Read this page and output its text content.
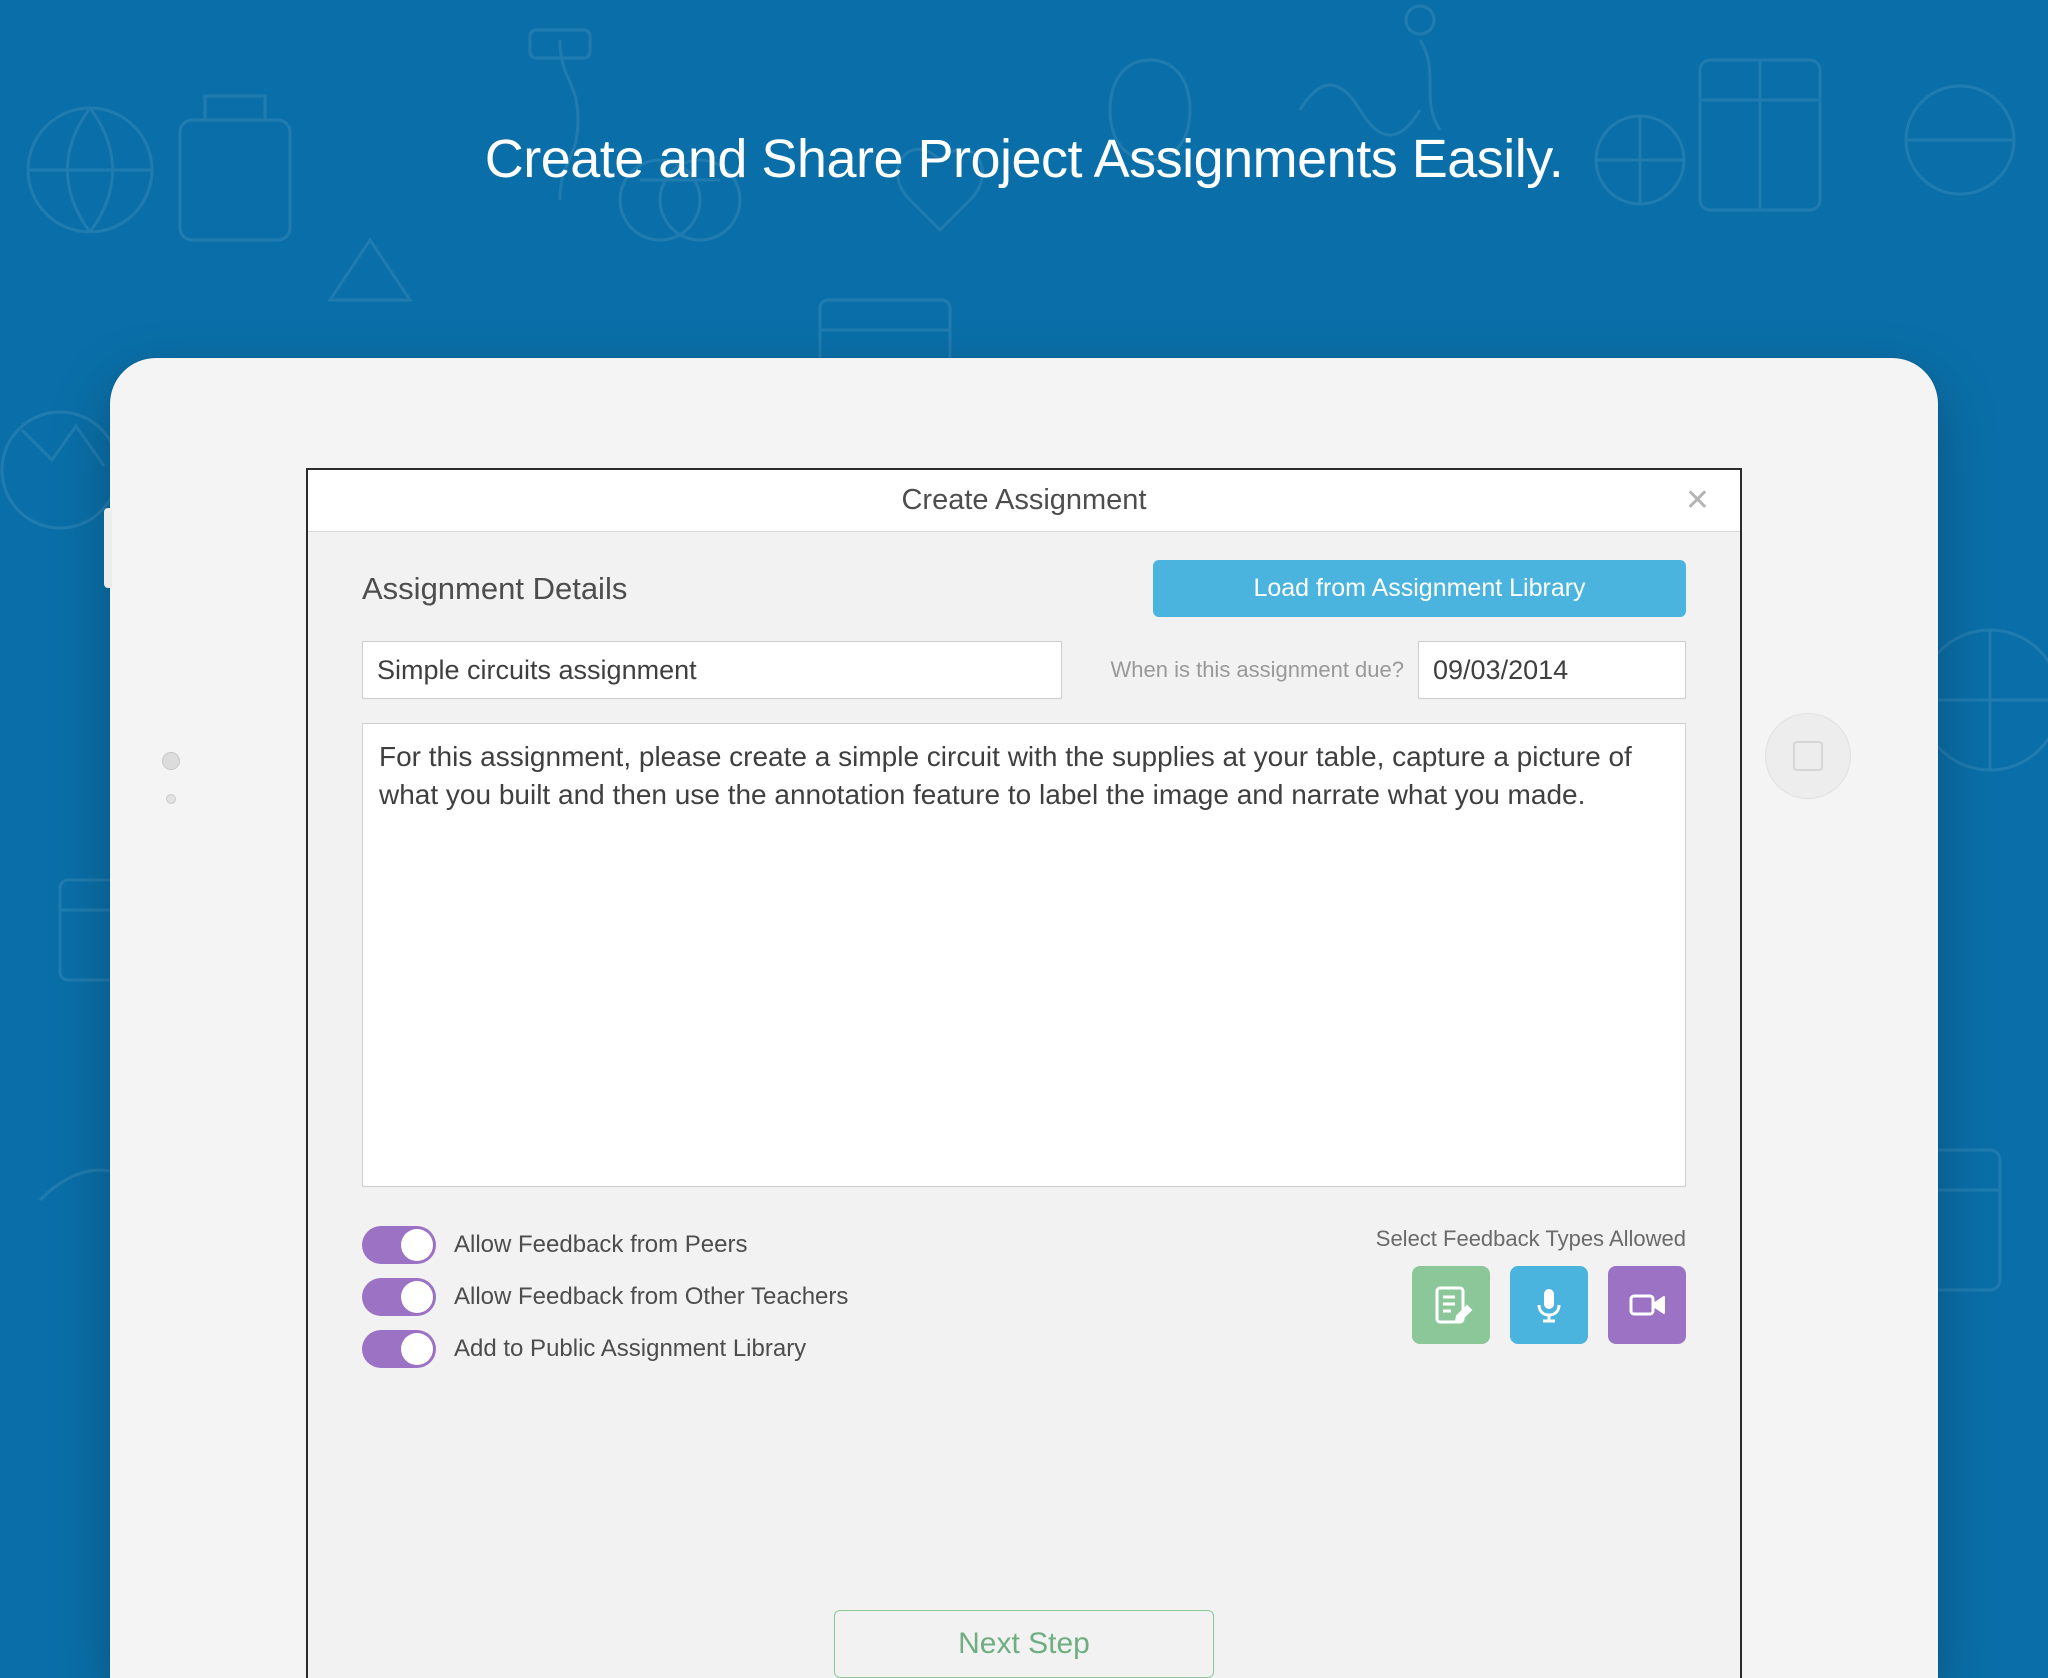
Create and Share Project Assignments Easily.
Create Assignment	✕
Assignment Details	Load from Assignment Library
Simple circuits assignment
When is this assignment due?
09/03/2014
For this assignment, please create a simple circuit with the supplies at your table, capture a picture of what you built and then use the annotation feature to label the image and narrate what you made.
Allow Feedback from Peers
Allow Feedback from Other Teachers
Add to Public Assignment Library
Select Feedback Types Allowed
Next Step
